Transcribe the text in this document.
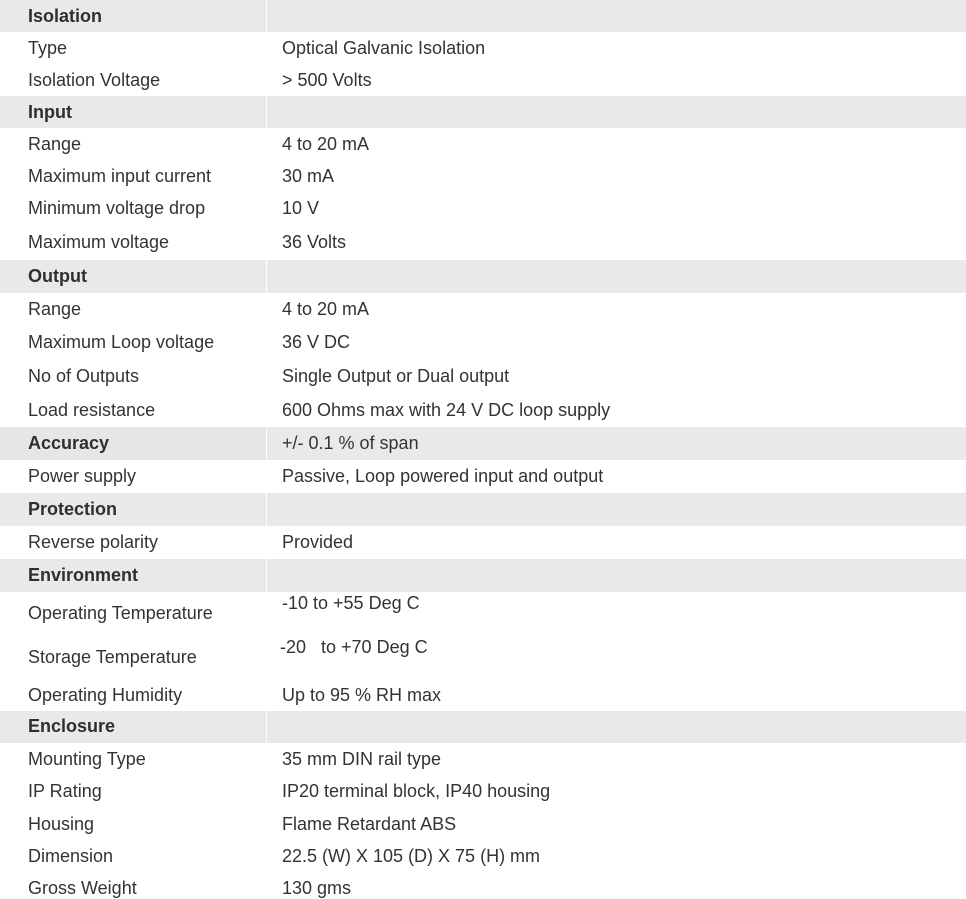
Isolation
Type	Optical Galvanic Isolation
Isolation Voltage	> 500 Volts
Input
Range	4 to 20 mA
Maximum input current	30 mA
Minimum voltage drop	10 V
Maximum voltage	36 Volts
Output
Range	4 to 20 mA
Maximum Loop voltage	36 V DC
No of Outputs	Single Output or Dual output
Load resistance	600 Ohms max with 24 V DC loop supply
Accuracy	+/- 0.1 % of span
Power supply	Passive, Loop powered input and output
Protection
Reverse polarity	Provided
Environment
Operating Temperature	-10 to +55 Deg C
Storage Temperature	-20   to +70 Deg C
Operating Humidity	Up to 95 % RH max
Enclosure
Mounting Type	35 mm DIN rail type
IP Rating	IP20 terminal block, IP40 housing
Housing	Flame Retardant ABS
Dimension	22.5 (W) X 105 (D) X 75 (H) mm
Gross Weight	130 gms
